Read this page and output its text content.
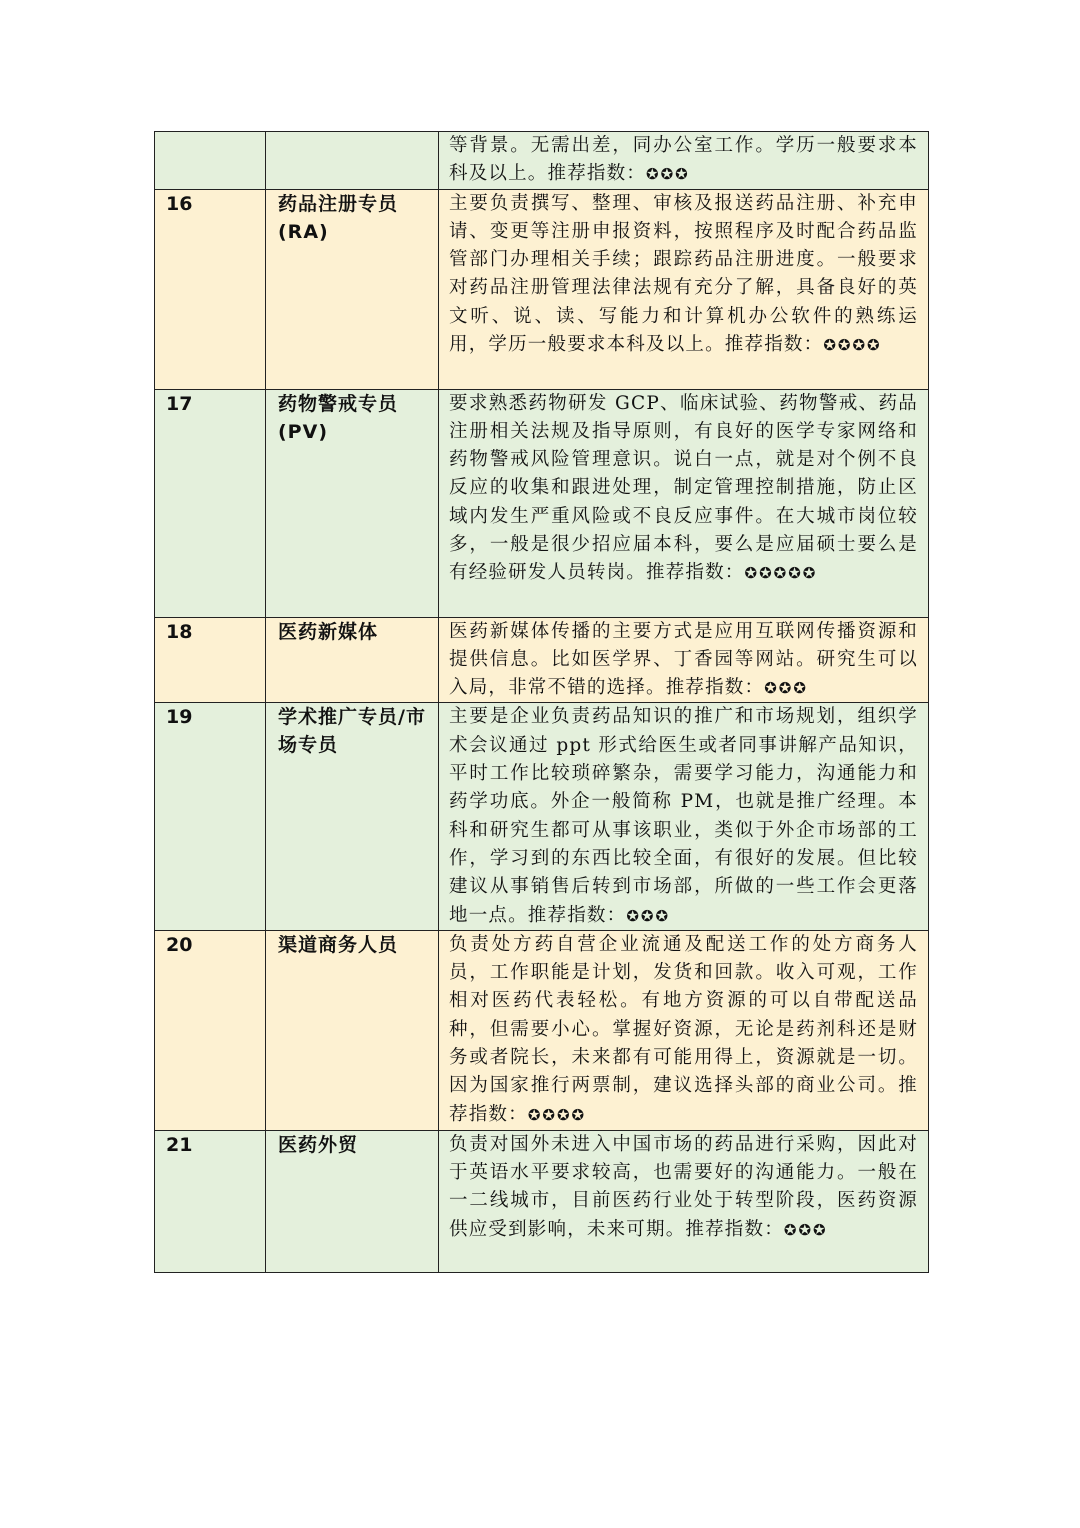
		等背景。无需出差，同办公室工作。学历一般要求本科及以上。推荐指数：✪✪✪

16	药品注册专员(RA)	主要负责撰写、整理、审核及报送药品注册、补充申请、变更等注册申报资料，按照程序及时配合药品监管部门办理相关手续；跟踪药品注册进度。一般要求对药品注册管理法律法规有充分了解，具备良好的英文听、说、读、写能力和计算机办公软件的熟练运用，学历一般要求本科及以上。推荐指数：✪✪✪✪

17	药物警戒专员(PV)	要求熟悉药物研发 GCP、临床试验、药物警戒、药品注册相关法规及指导原则，有良好的医学专家网络和药物警戒风险管理意识。说白一点，就是对个例不良反应的收集和跟进处理，制定管理控制措施，防止区域内发生严重风险或不良反应事件。在大城市岗位较多，一般是很少招应届本科，要么是应届硕士要么是有经验研发人员转岗。推荐指数：✪✪✪✪✪

18	医药新媒体	医药新媒体传播的主要方式是应用互联网传播资源和提供信息。比如医学界、丁香园等网站。研究生可以入局，非常不错的选择。推荐指数：✪✪✪

19	学术推广专员/市场专员	主要是企业负责药品知识的推广和市场规划，组织学术会议通过 ppt 形式给医生或者同事讲解产品知识，平时工作比较琐碎繁杂，需要学习能力，沟通能力和药学功底。外企一般简称 PM，也就是推广经理。本科和研究生都可从事该职业，类似于外企市场部的工作，学习到的东西比较全面，有很好的发展。但比较建议从事销售后转到市场部，所做的一些工作会更落地一点。推荐指数：✪✪✪

20	渠道商务人员	负责处方药自营企业流通及配送工作的处方商务人员，工作职能是计划，发货和回款。收入可观，工作相对医药代表轻松。有地方资源的可以自带配送品种，但需要小心。掌握好资源，无论是药剂科还是财务或者院长，未来都有可能用得上，资源就是一切。因为国家推行两票制，建议选择头部的商业公司。推荐指数：✪✪✪✪

21	医药外贸	负责对国外未进入中国市场的药品进行采购，因此对于英语水平要求较高，也需要好的沟通能力。一般在一二线城市，目前医药行业处于转型阶段，医药资源供应受到影响，未来可期。推荐指数：✪✪✪
